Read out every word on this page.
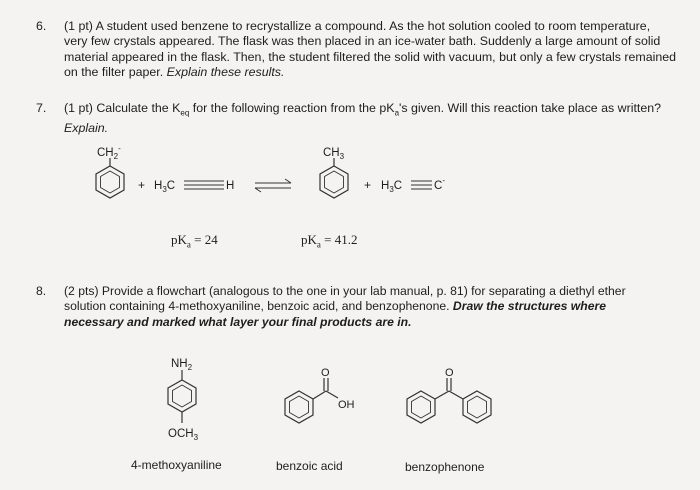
6. (1 pt) A student used benzene to recrystallize a compound. As the hot solution cooled to room temperature,
very few crystals appeared. The flask was then placed in an ice-water bath. Suddenly a large amount of solid
material appeared in the flask. Then, the student filtered the solid with vacuum, but only a few crystals remained
on the filter paper. Explain these results.
7. (1 pt) Calculate the $K_{eq}$ for the following reaction from the $pK_a's$ given. Will this reaction take place as written?
Explain.
$CH_2^-$
+ $H_3C$	H
$CH_3$
+ $H_3C$	C-
$pK_a = 24$	$pK_a = 41.2$
8. (2 pts) Provide a flowchart (analogous to the one in your lab manual, p. 81) for separating a diethyl ether
solution containing 4-methoxyaniline, benzoic acid, and benzophenone. Draw the structures where
necessary and marked what layer your final products are in.
$NH_2$
$OCH_3$
O
OH
O
4-methoxyaniline	benzoic acid	benzophenone
